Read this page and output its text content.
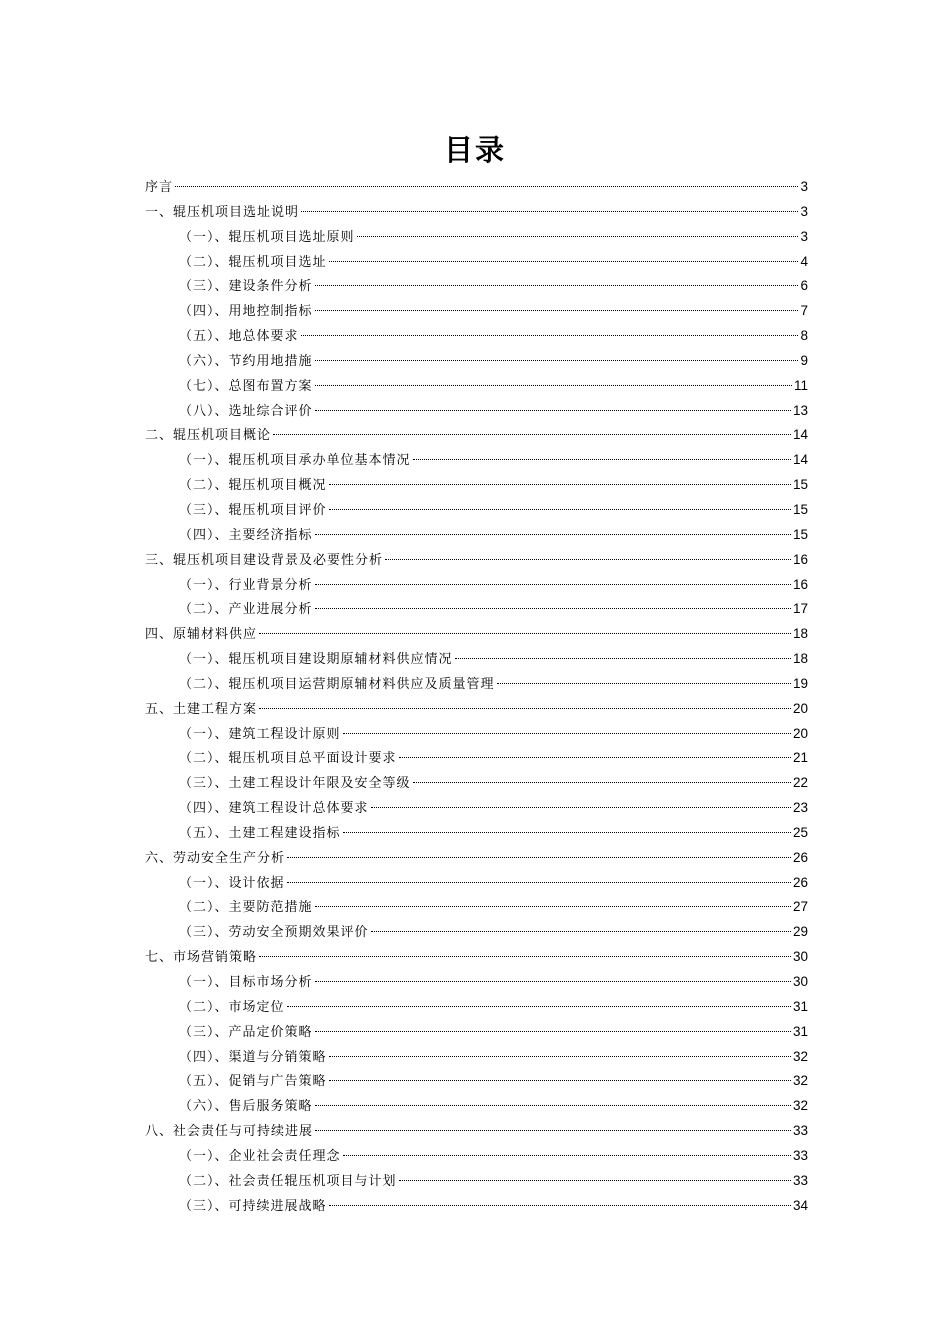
目录
序言	3
一、辊压机项目选址说明	3
（一）、辊压机项目选址原则	3
（二）、辊压机项目选址	4
（三）、建设条件分析	6
（四）、用地控制指标	7
（五）、地总体要求	8
（六）、节约用地措施	9
（七）、总图布置方案	11
（八）、选址综合评价	13
二、辊压机项目概论	14
（一）、辊压机项目承办单位基本情况	14
（二）、辊压机项目概况	15
（三）、辊压机项目评价	15
（四）、主要经济指标	15
三、辊压机项目建设背景及必要性分析	16
（一）、行业背景分析	16
（二）、产业进展分析	17
四、原辅材料供应	18
（一）、辊压机项目建设期原辅材料供应情况	18
（二）、辊压机项目运营期原辅材料供应及质量管理	19
五、土建工程方案	20
（一）、建筑工程设计原则	20
（二）、辊压机项目总平面设计要求	21
（三）、土建工程设计年限及安全等级	22
（四）、建筑工程设计总体要求	23
（五）、土建工程建设指标	25
六、劳动安全生产分析	26
（一）、设计依据	26
（二）、主要防范措施	27
（三）、劳动安全预期效果评价	29
七、市场营销策略	30
（一）、目标市场分析	30
（二）、市场定位	31
（三）、产品定价策略	31
（四）、渠道与分销策略	32
（五）、促销与广告策略	32
（六）、售后服务策略	32
八、社会责任与可持续进展	33
（一）、企业社会责任理念	33
（二）、社会责任辊压机项目与计划	33
（三）、可持续进展战略	34
